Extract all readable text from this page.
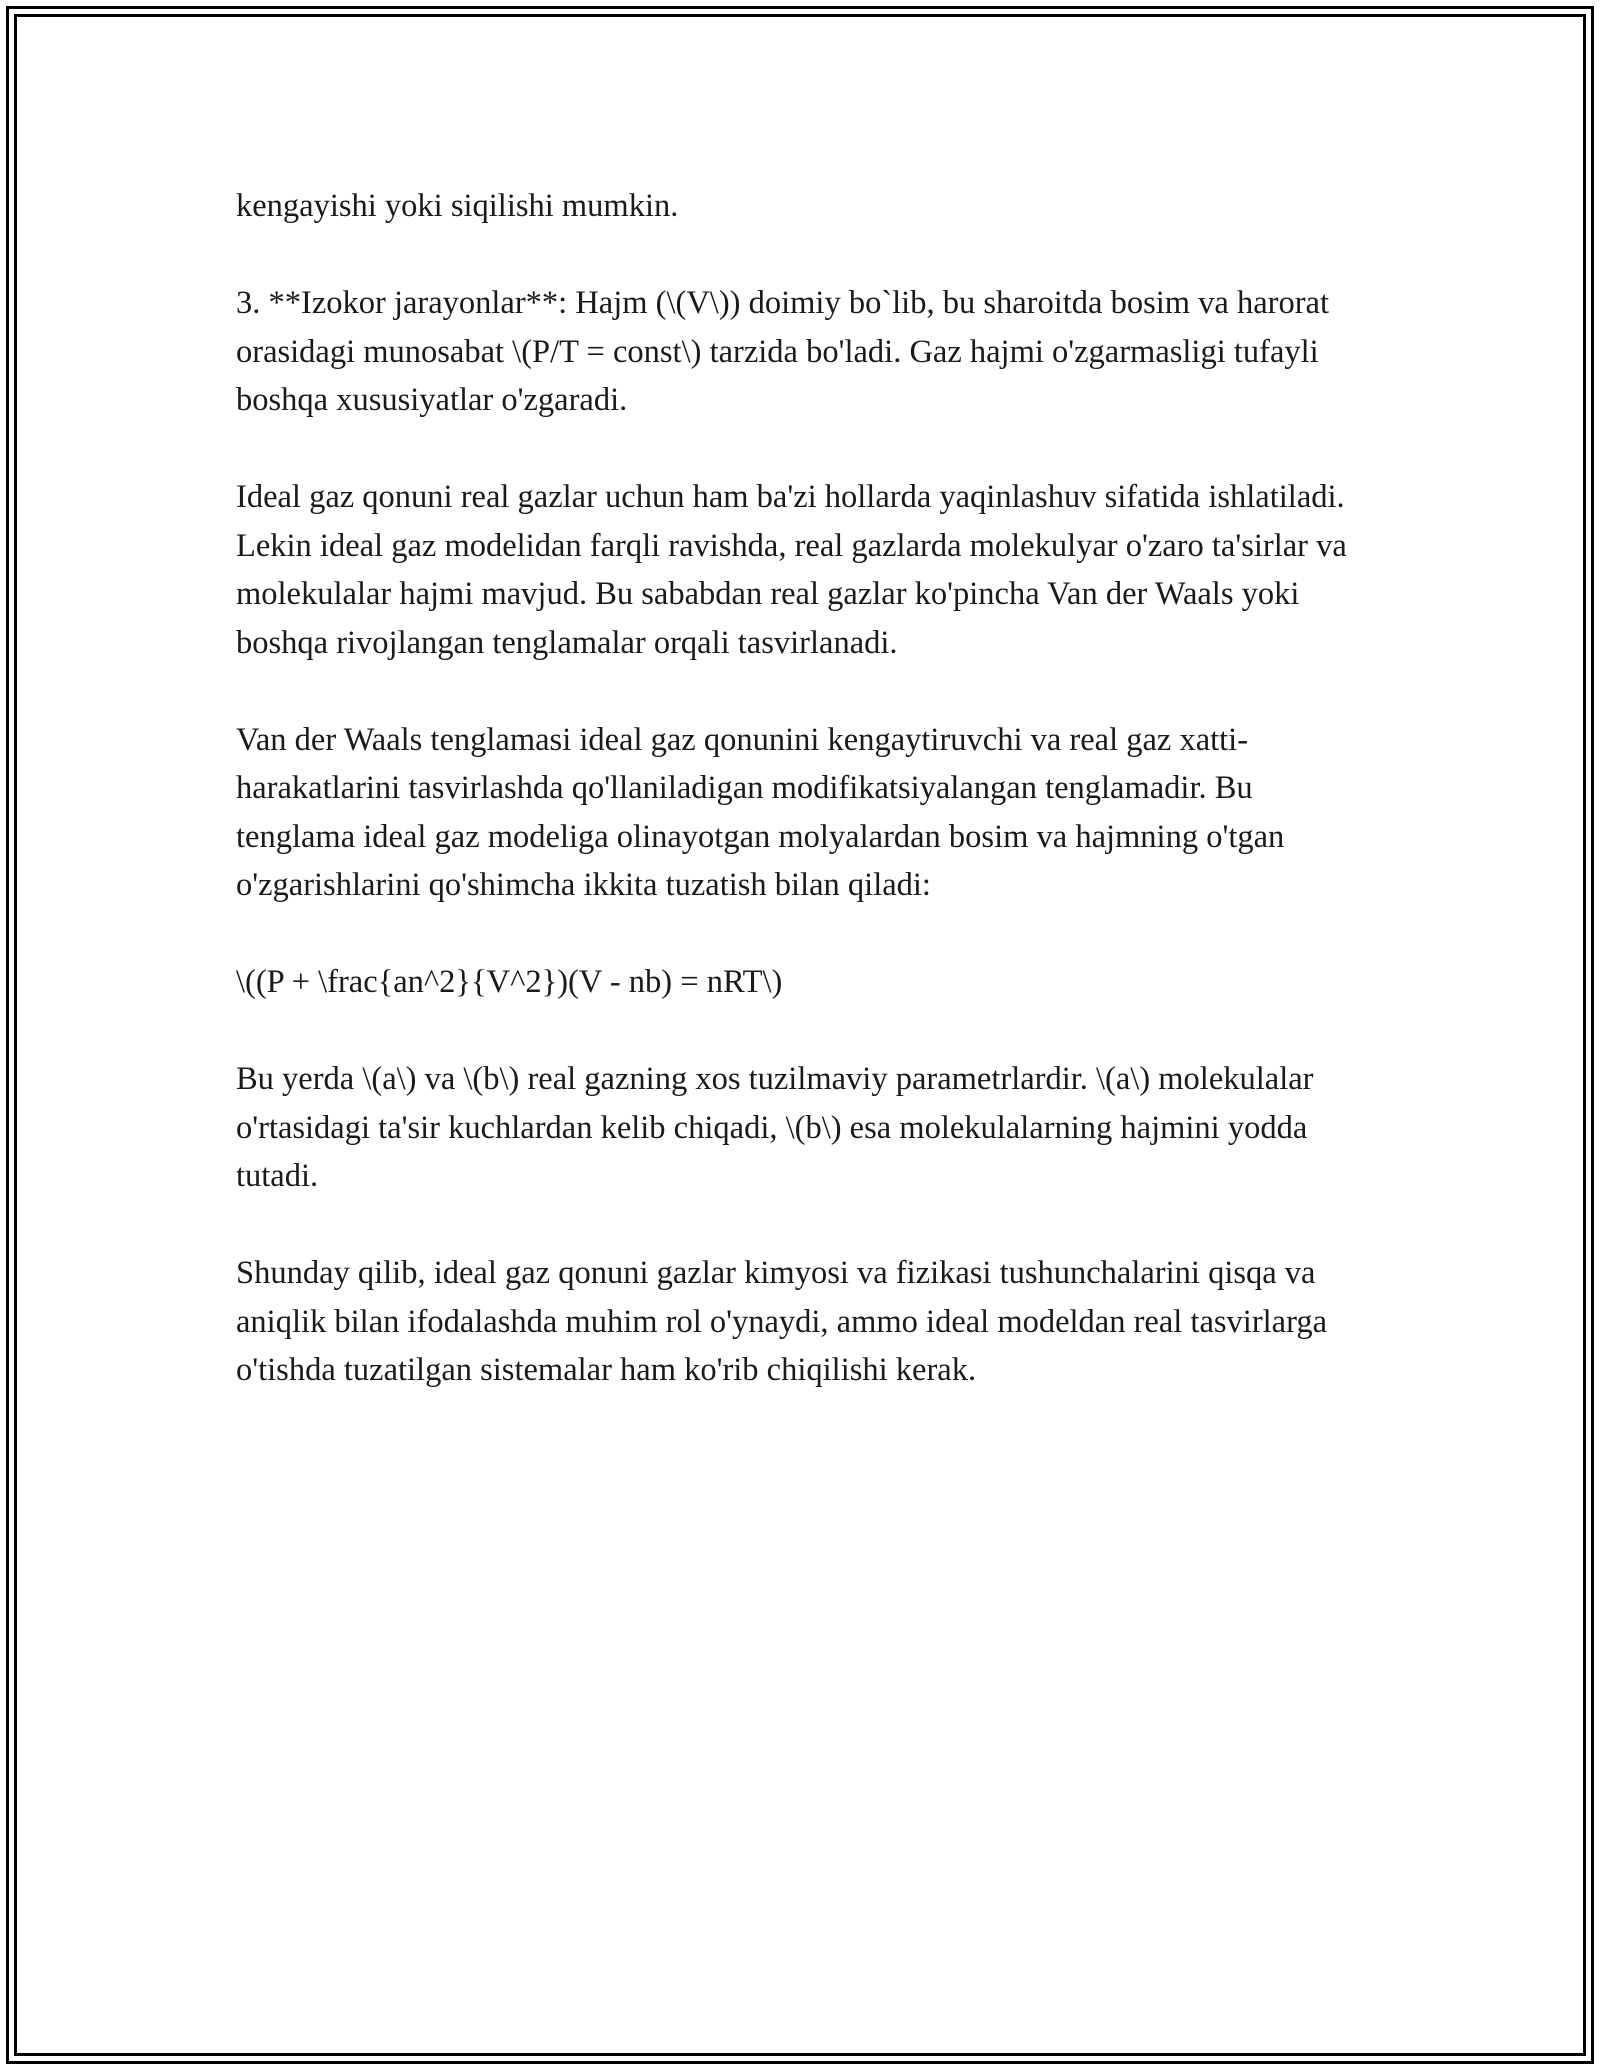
kengayishi yoki siqilishi mumkin.

3. **Izokor jarayonlar**: Hajm (\(V\)) doimiy bo`lib, bu sharoitda bosim va harorat orasidagi munosabat \(P/T = const\) tarzida bo'ladi. Gaz hajmi o'zgarmasligi tufayli boshqa xususiyatlar o'zgaradi.

Ideal gaz qonuni real gazlar uchun ham ba'zi hollarda yaqinlashuv sifatida ishlatiladi. Lekin ideal gaz modelidan farqli ravishda, real gazlarda molekulyar o'zaro ta'sirlar va molekulalar hajmi mavjud. Bu sababdan real gazlar ko'pincha Van der Waals yoki boshqa rivojlangan tenglamalar orqali tasvirlanadi.

Van der Waals tenglamasi ideal gaz qonunini kengaytiruvchi va real gaz xatti-harakatlarini tasvirlashda qo'llaniladigan modifikatsiyalangan tenglamadir. Bu tenglama ideal gaz modeliga olinayotgan molyalardan bosim va hajmning o'tgan o'zgarishlarini qo'shimcha ikkita tuzatish bilan qiladi:

\((P + \frac{an^2}{V^2})(V - nb) = nRT\)

Bu yerda \(a\) va \(b\) real gazning xos tuzilmaviy parametrlardir. \(a\) molekulalar o'rtasidagi ta'sir kuchlardan kelib chiqadi, \(b\) esa molekulalarning hajmini yodda tutadi.

Shunday qilib, ideal gaz qonuni gazlar kimyosi va fizikasi tushunchalarini qisqa va aniqlik bilan ifodalashda muhim rol o'ynaydi, ammo ideal modeldan real tasvirlarga o'tishda tuzatilgan sistemalar ham ko'rib chiqilishi kerak.
